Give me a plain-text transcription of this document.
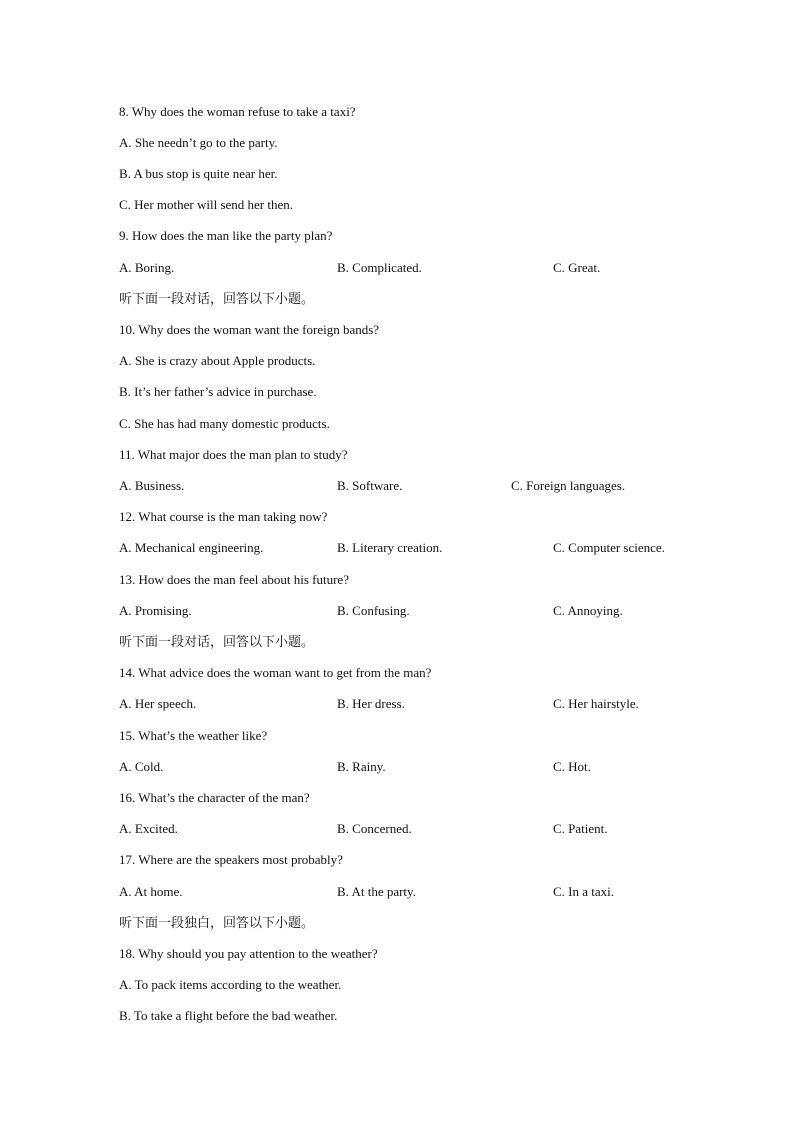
8. Why does the woman refuse to take a taxi?
A. She needn’t go to the party.
B. A bus stop is quite near her.
C. Her mother will send her then.
9. How does the man like the party plan?
A. Boring.	B. Complicated.	C. Great.
听下面一段对话，回答以下小题。
10. Why does the woman want the foreign bands?
A. She is crazy about Apple products.
B. It’s her father’s advice in purchase.
C. She has had many domestic products.
11. What major does the man plan to study?
A. Business.	B. Software.	C. Foreign languages.
12. What course is the man taking now?
A. Mechanical engineering.	B. Literary creation.	C. Computer science.
13. How does the man feel about his future?
A. Promising.	B. Confusing.	C. Annoying.
听下面一段对话，回答以下小题。
14. What advice does the woman want to get from the man?
A. Her speech.	B. Her dress.	C. Her hairstyle.
15. What’s the weather like?
A. Cold.	B. Rainy.	C. Hot.
16. What’s the character of the man?
A. Excited.	B. Concerned.	C. Patient.
17. Where are the speakers most probably?
A. At home.	B. At the party.	C. In a taxi.
听下面一段独白，回答以下小题。
18. Why should you pay attention to the weather?
A. To pack items according to the weather.
B. To take a flight before the bad weather.
